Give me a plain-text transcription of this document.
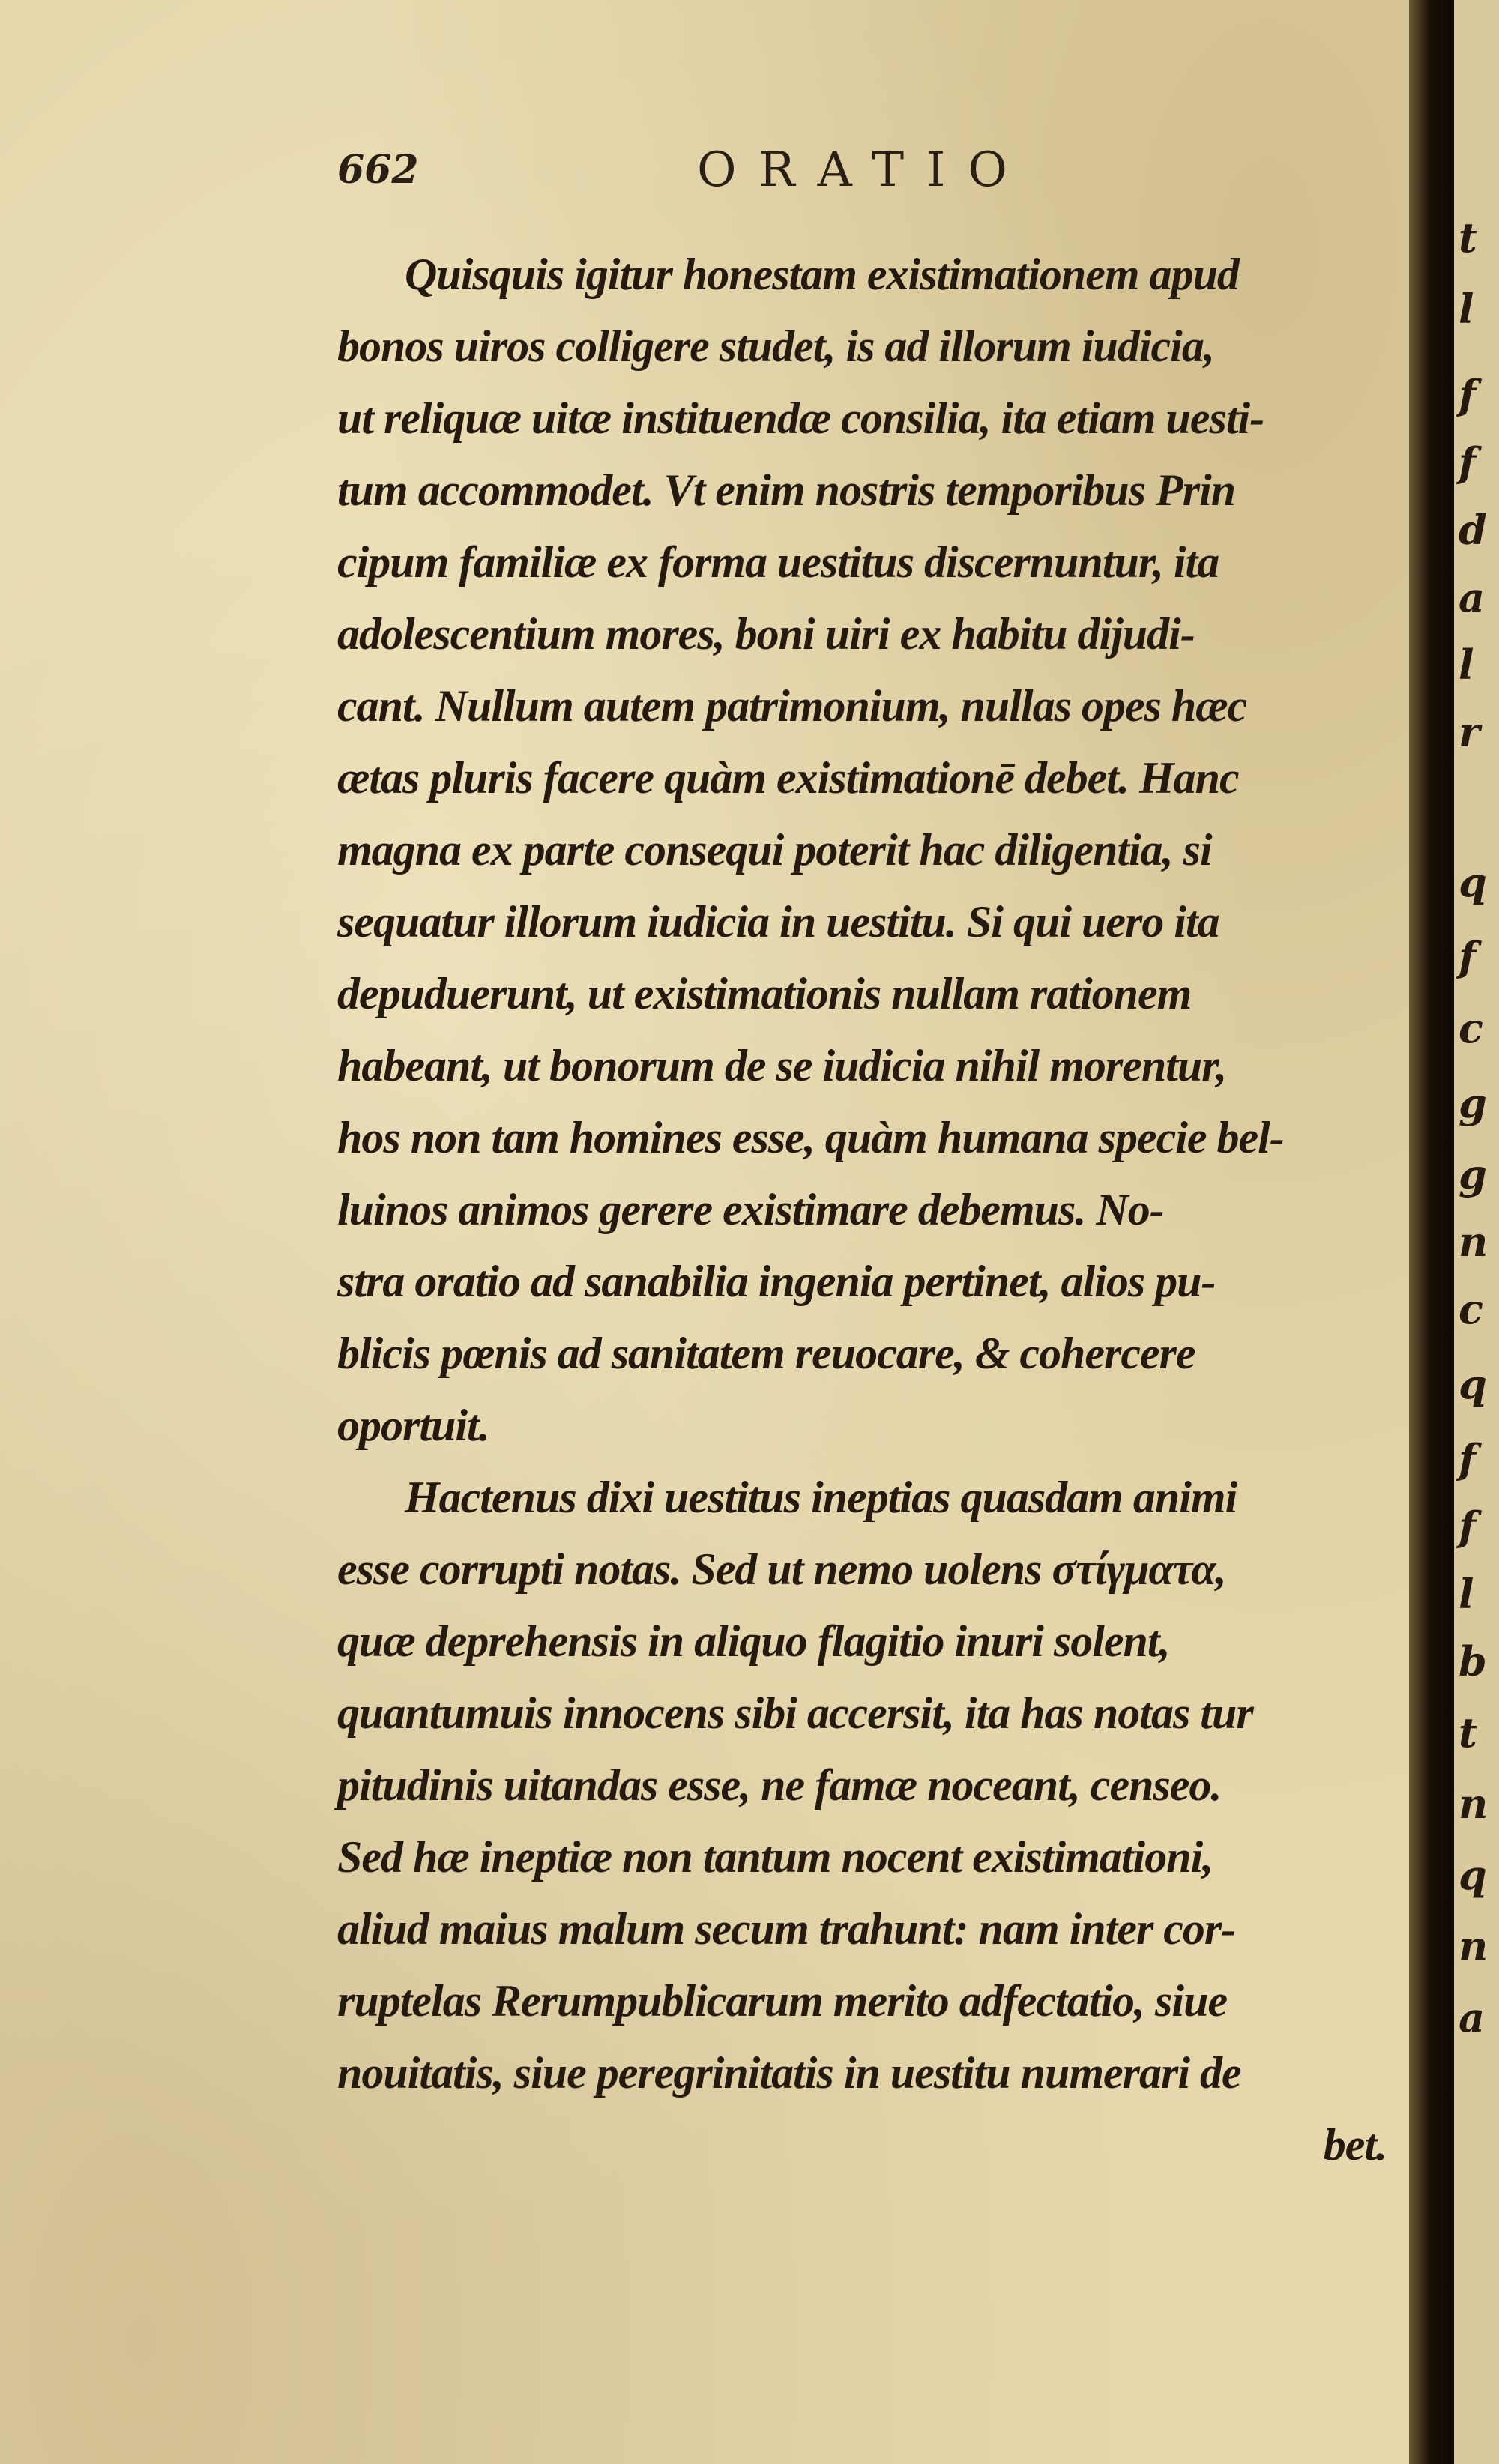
662	ORATIO
Quisquis igitur honestam existimationem apud
bonos uiros colligere studet, is ad illorum iudicia,
ut reliquæ uitæ instituendæ consilia, ita etiam uesti-
tum accommodet. Vt enim nostris temporibus Prin
cipum familiæ ex forma uestitus discernuntur, ita
adolescentium mores, boni uiri ex habitu dijudi-
cant. Nullum autem patrimonium, nullas opes hæc
ætas pluris facere quàm existimationē debet. Hanc
magna ex parte consequi poterit hac diligentia, si
sequatur illorum iudicia in uestitu. Si qui uero ita
depuduerunt, ut existimationis nullam rationem
habeant, ut bonorum de se iudicia nihil morentur,
hos non tam homines esse, quàm humana specie bel-
luinos animos gerere existimare debemus. No-
stra oratio ad sanabilia ingenia pertinet, alios pu-
blicis pœnis ad sanitatem reuocare, & cohercere
oportuit.
Hactenus dixi uestitus ineptias quasdam animi
esse corrupti notas. Sed ut nemo uolens στίγματα,
quæ deprehensis in aliquo flagitio inuri solent,
quantumuis innocens sibi accersit, ita has notas tur
pitudinis uitandas esse, ne famæ noceant, censeo.
Sed hæ ineptiæ non tantum nocent existimationi,
aliud maius malum secum trahunt: nam inter cor-
ruptelas Rerumpublicarum merito adfectatio, siue
nouitatis, siue peregrinitatis in uestitu numerari de
bet.
t
l
f
f
d
a
l
r
q
f
c
g
g
n
c
q
f
f
l
b
t
n
q
n
a
